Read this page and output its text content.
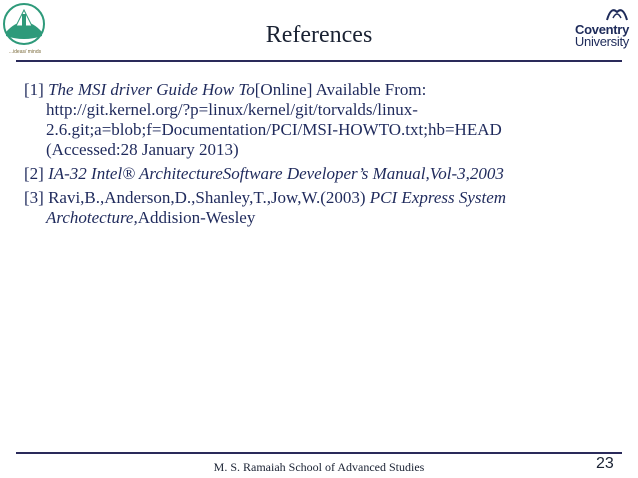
...ideas/ minds
References	Coventry
University
[1] The MSI driver Guide How To[Online] Available From:
http://git.kernel.org/?p=linux/kernel/git/torvalds/linux-
2.6.git;a=blob;f=Documentation/PCI/MSI-HOWTO.txt;hb=HEAD
(Accessed:28 January 2013)
[2] IA-32 Intel® ArchitectureSoftware Developer’s Manual,Vol-3,2003
[3] Ravi,B.,Anderson,D.,Shanley,T.,Jow,W.(2003) PCI Express System
Archotecture,Addision-Wesley
M. S. Ramaiah School of Advanced Studies	23
